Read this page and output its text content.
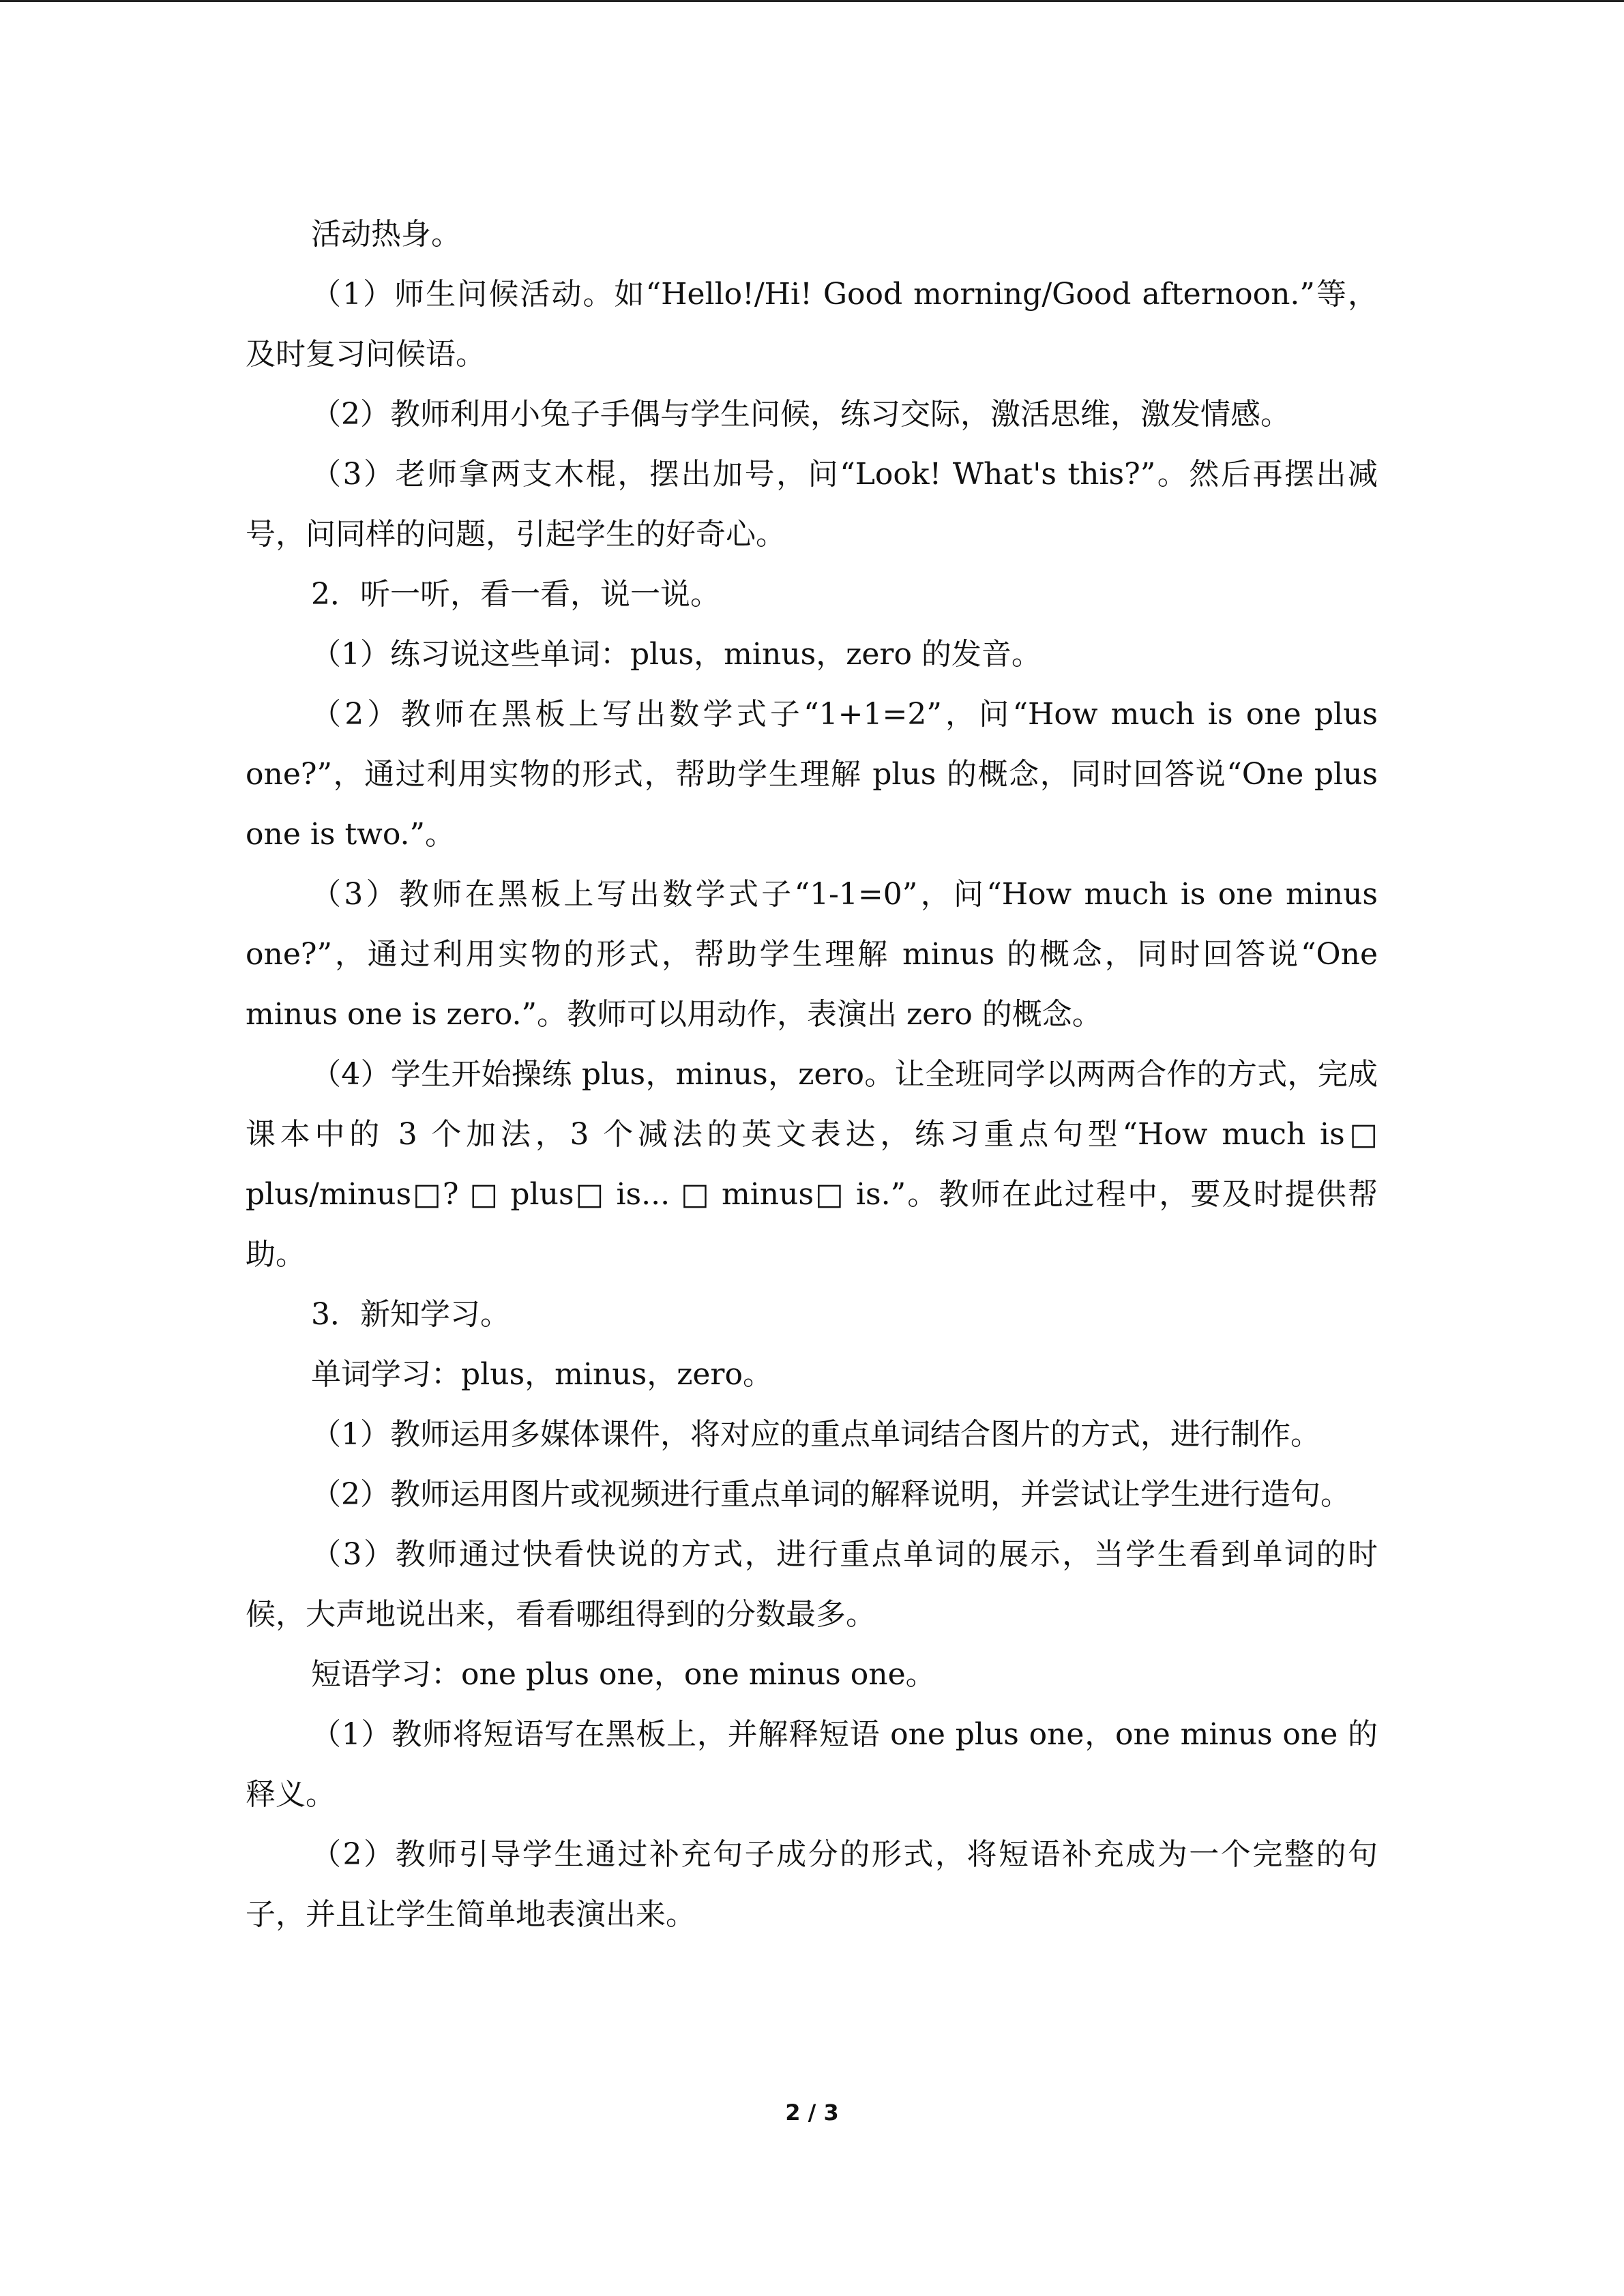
活动热身。

（1）师生问候活动。如“Hello!/Hi! Good morning/Good afternoon.”等，及时复习问候语。

（2）教师利用小兔子手偶与学生问候，练习交际，激活思维，激发情感。

（3）老师拿两支木棍，摆出加号，问“Look! What's this?”。然后再摆出减号，问同样的问题，引起学生的好奇心。

2．听一听，看一看，说一说。

（1）练习说这些单词：plus，minus，zero 的发音。

（2）教师在黑板上写出数学式子“1+1=2”，问“How much is one plus one?”，通过利用实物的形式，帮助学生理解 plus 的概念，同时回答说“One plus one is two.”。

（3）教师在黑板上写出数学式子“1-1=0”，问“How much is one minus one?”，通过利用实物的形式，帮助学生理解 minus 的概念，同时回答说“One minus one is zero.”。教师可以用动作，表演出 zero 的概念。

（4）学生开始操练 plus，minus，zero。让全班同学以两两合作的方式，完成课本中的 3 个加法，3 个减法的英文表达，练习重点句型“How much is□ plus/minus□? □ plus□ is... □ minus□ is.”。教师在此过程中，要及时提供帮助。

3．新知学习。

单词学习：plus，minus，zero。

（1）教师运用多媒体课件，将对应的重点单词结合图片的方式，进行制作。

（2）教师运用图片或视频进行重点单词的解释说明，并尝试让学生进行造句。

（3）教师通过快看快说的方式，进行重点单词的展示，当学生看到单词的时候，大声地说出来，看看哪组得到的分数最多。

短语学习：one plus one，one minus one。

（1）教师将短语写在黑板上，并解释短语 one plus one，one minus one 的释义。

（2）教师引导学生通过补充句子成分的形式，将短语补充成为一个完整的句子，并且让学生简单地表演出来。

2 / 3
